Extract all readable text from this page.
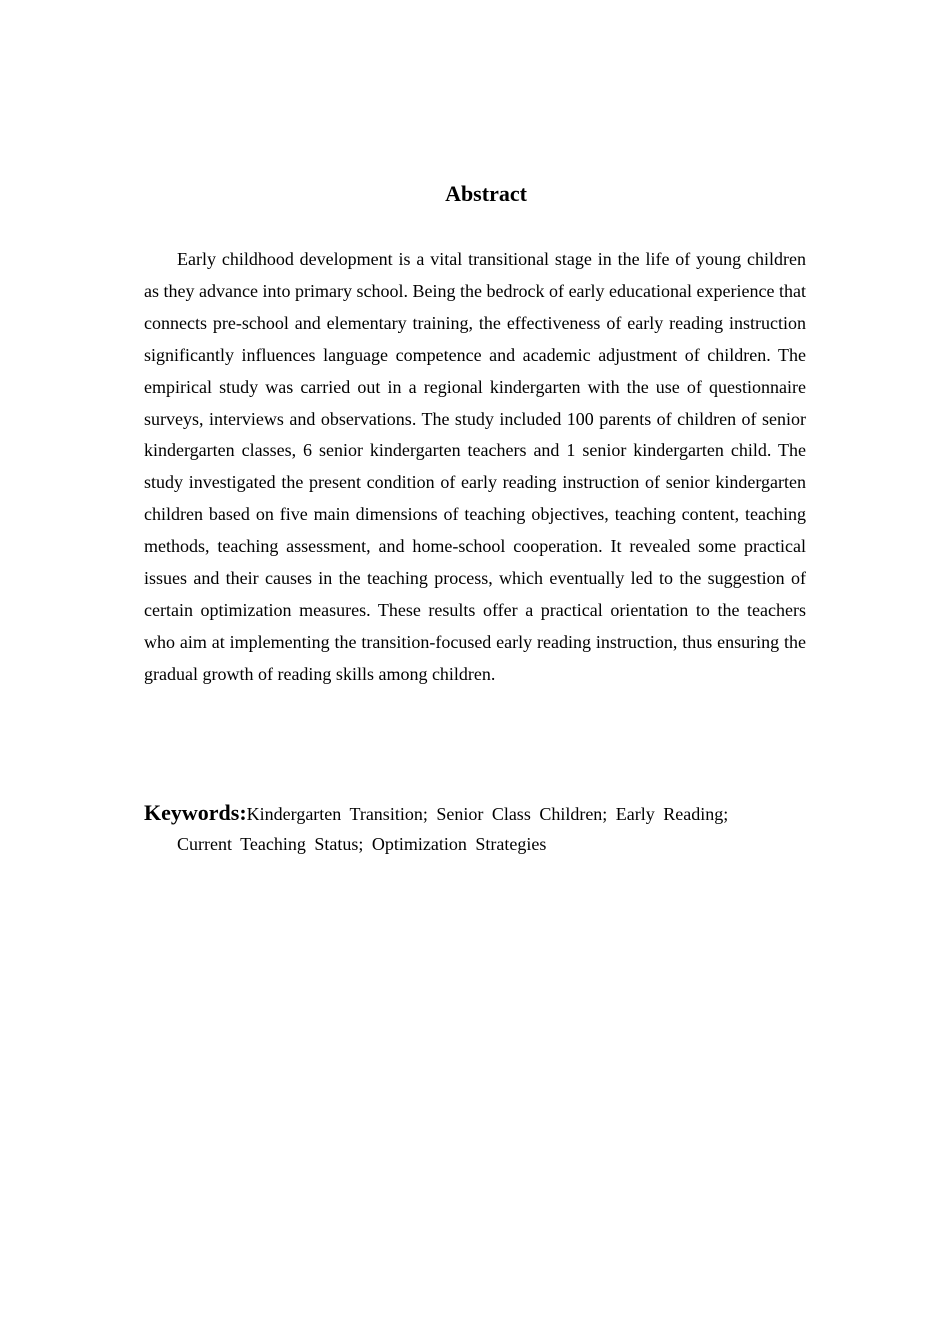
Abstract

Early childhood development is a vital transitional stage in the life of young children as they advance into primary school. Being the bedrock of early educational experience that connects pre-school and elementary training, the effectiveness of early reading instruction significantly influences language competence and academic adjustment of children. The empirical study was carried out in a regional kindergarten with the use of questionnaire surveys, interviews and observations. The study included 100 parents of children of senior kindergarten classes, 6 senior kindergarten teachers and 1 senior kindergarten child. The study investigated the present condition of early reading instruction of senior kindergarten children based on five main dimensions of teaching objectives, teaching content, teaching methods, teaching assessment, and home-school cooperation. It revealed some practical issues and their causes in the teaching process, which eventually led to the suggestion of certain optimization measures. These results offer a practical orientation to the teachers who aim at implementing the transition-focused early reading instruction, thus ensuring the gradual growth of reading skills among children.

Keywords:Kindergarten Transition; Senior Class Children; Early Reading;
Current Teaching Status; Optimization Strategies
